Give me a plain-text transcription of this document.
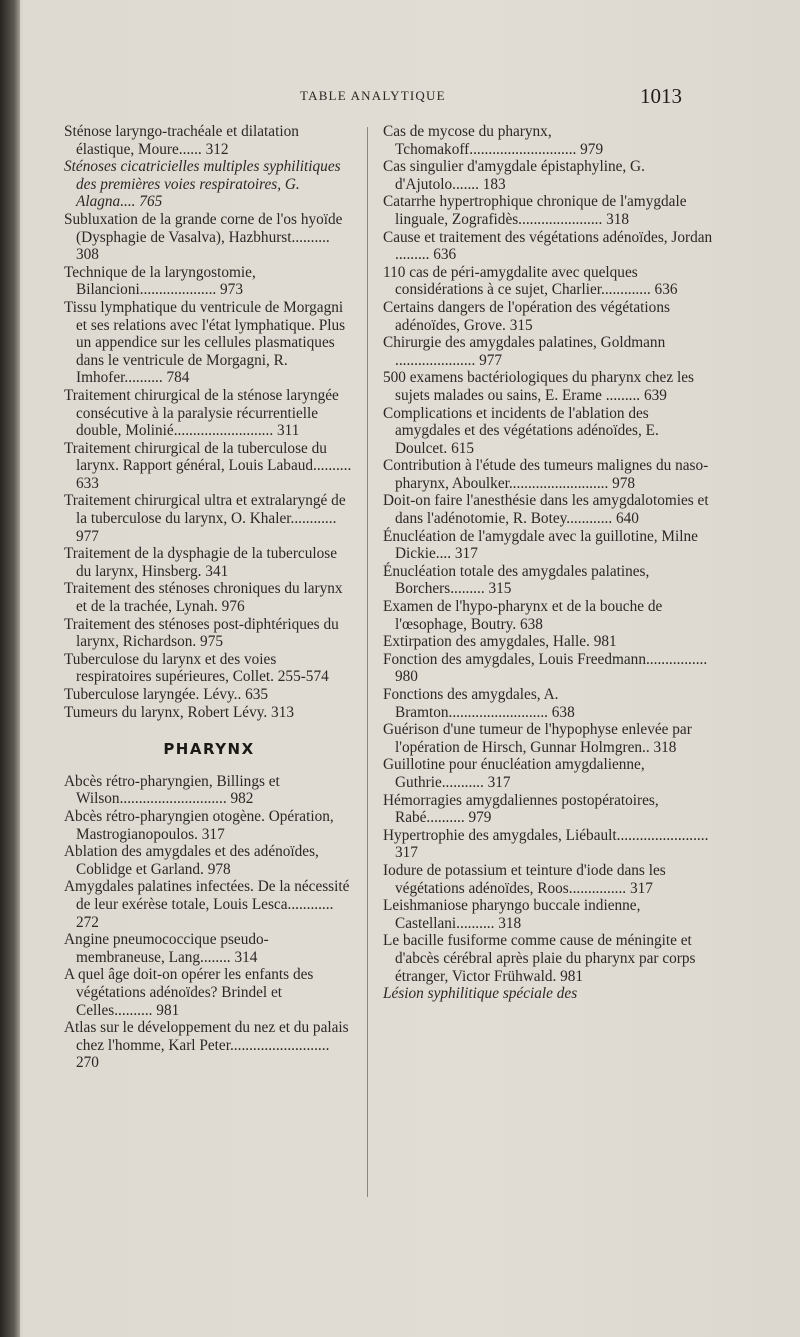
TABLE ANALYTIQUE	1013

Sténose laryngo-trachéale et dilatation élastique, Moure...... 312

Sténoses cicatricielles multiples syphilitiques des premières voies respiratoires, G. Alagna.... 765

Subluxation de la grande corne de l'os hyoïde (Dysphagie de Vasalva), Hazbhurst.......... 308

Technique de la laryngostomie, Bilancioni.................... 973

Tissu lymphatique du ventricule de Morgagni et ses relations avec l'état lymphatique. Plus un appendice sur les cellules plasmatiques dans le ventricule de Morgagni, R. Imhofer.......... 784

Traitement chirurgical de la sténose laryngée consécutive à la paralysie récurrentielle double, Molinié.......................... 311

Traitement chirurgical de la tuberculose du larynx. Rapport général, Louis Labaud.......... 633

Traitement chirurgical ultra et extralaryngé de la tuberculose du larynx, O. Khaler............ 977

Traitement de la dysphagie de la tuberculose du larynx, Hinsberg. 341

Traitement des sténoses chroniques du larynx et de la trachée, Lynah. 976

Traitement des sténoses post-diphtériques du larynx, Richardson. 975

Tuberculose du larynx et des voies respiratoires supérieures, Collet. 255-574

Tuberculose laryngée. Lévy.. 635

Tumeurs du larynx, Robert Lévy. 313

PHARYNX

Abcès rétro-pharyngien, Billings et Wilson............................ 982

Abcès rétro-pharyngien otogène. Opération, Mastrogianopoulos. 317

Ablation des amygdales et des adénoïdes, Coblidge et Garland. 978

Amygdales palatines infectées. De la nécessité de leur exérèse totale, Louis Lesca............ 272

Angine pneumococcique pseudo-membraneuse, Lang........ 314

A quel âge doit-on opérer les enfants des végétations adénoïdes? Brindel et Celles.......... 981

Atlas sur le développement du nez et du palais chez l'homme, Karl Peter.......................... 270

Cas de mycose du pharynx, Tchomakoff............................ 979

Cas singulier d'amygdale épistaphyline, G. d'Ajutolo....... 183

Catarrhe hypertrophique chronique de l'amygdale linguale, Zografidès...................... 318

Cause et traitement des végétations adénoïdes, Jordan ......... 636

110 cas de péri-amygdalite avec quelques considérations à ce sujet, Charlier............. 636

Certains dangers de l'opération des végétations adénoïdes, Grove. 315

Chirurgie des amygdales palatines, Goldmann ..................... 977

500 examens bactériologiques du pharynx chez les sujets malades ou sains, E. Erame ......... 639

Complications et incidents de l'ablation des amygdales et des végétations adénoïdes, E. Doulcet. 615

Contribution à l'étude des tumeurs malignes du naso-pharynx, Aboulker.......................... 978

Doit-on faire l'anesthésie dans les amygdalotomies et dans l'adénotomie, R. Botey............ 640

Énucléation de l'amygdale avec la guillotine, Milne Dickie.... 317

Énucléation totale des amygdales palatines, Borchers......... 315

Examen de l'hypo-pharynx et de la bouche de l'œsophage, Boutry. 638

Extirpation des amygdales, Halle. 981

Fonction des amygdales, Louis Freedmann................ 980

Fonctions des amygdales, A. Bramton.......................... 638

Guérison d'une tumeur de l'hypophyse enlevée par l'opération de Hirsch, Gunnar Holmgren.. 318

Guillotine pour énucléation amygdalienne, Guthrie........... 317

Hémorragies amygdaliennes postopératoires, Rabé.......... 979

Hypertrophie des amygdales, Liébault........................ 317

Iodure de potassium et teinture d'iode dans les végétations adénoïdes, Roos............... 317

Leishmaniose pharyngo buccale indienne, Castellani.......... 318

Le bacille fusiforme comme cause de méningite et d'abcès cérébral après plaie du pharynx par corps étranger, Victor Frühwald. 981

Lésion syphilitique spéciale des
